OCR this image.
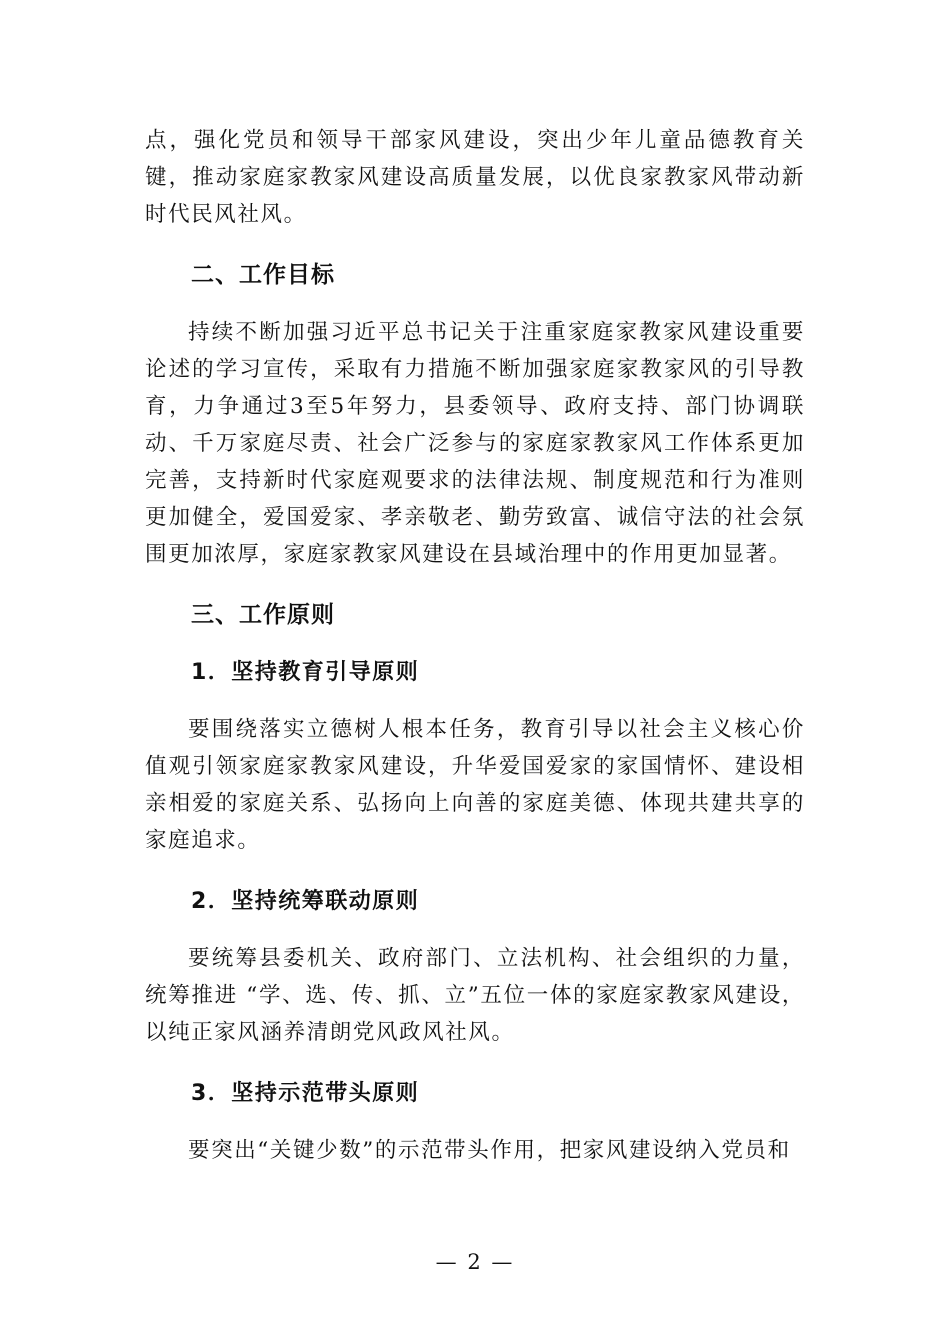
点，强化党员和领导干部家风建设，突出少年儿童品德教育关键，推动家庭家教家风建设高质量发展，以优良家教家风带动新时代民风社风。

二、工作目标

持续不断加强习近平总书记关于注重家庭家教家风建设重要论述的学习宣传，采取有力措施不断加强家庭家教家风的引导教育，力争通过3至5年努力，县委领导、政府支持、部门协调联动、千万家庭尽责、社会广泛参与的家庭家教家风工作体系更加完善，支持新时代家庭观要求的法律法规、制度规范和行为准则更加健全，爱国爱家、孝亲敬老、勤劳致富、诚信守法的社会氛围更加浓厚，家庭家教家风建设在县域治理中的作用更加显著。

三、工作原则

1．坚持教育引导原则

要围绕落实立德树人根本任务，教育引导以社会主义核心价值观引领家庭家教家风建设，升华爱国爱家的家国情怀、建设相亲相爱的家庭关系、弘扬向上向善的家庭美德、体现共建共享的家庭追求。

2．坚持统筹联动原则

要统筹县委机关、政府部门、立法机构、社会组织的力量，统筹推进 “学、选、传、抓、立”五位一体的家庭家教家风建设，以纯正家风涵养清朗党风政风社风。

3．坚持示范带头原则

要突出“关键少数”的示范带头作用，把家风建设纳入党员和

— 2 —
